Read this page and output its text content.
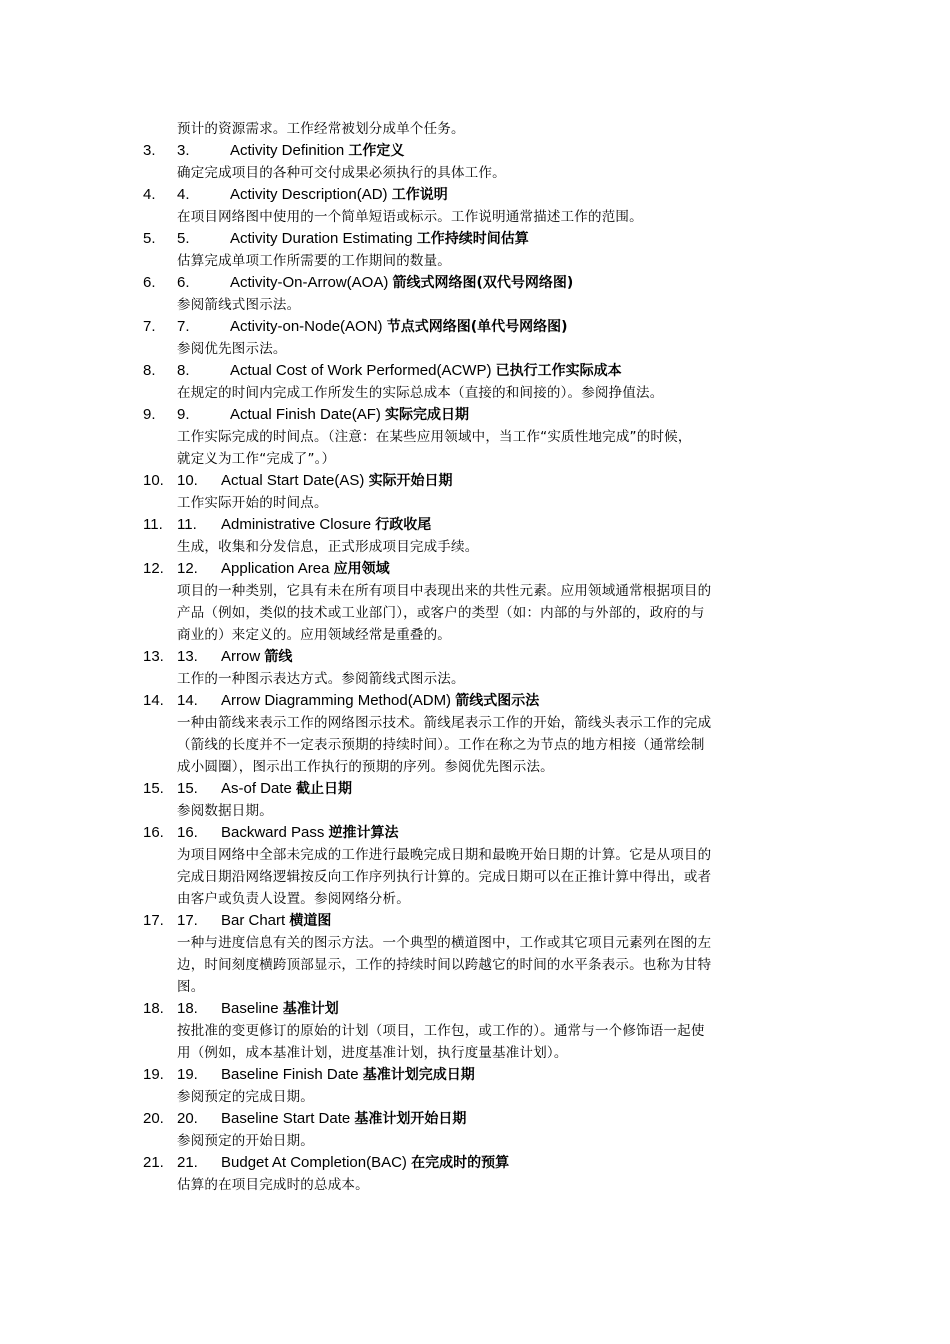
预计的资源需求。工作经常被划分成单个任务。
3. 3.	Activity Definition 工作定义
确定完成项目的各种可交付成果必须执行的具体工作。
4. 4.	Activity Description(AD) 工作说明
在项目网络图中使用的一个简单短语或标示。工作说明通常描述工作的范围。
5. 5.	Activity Duration Estimating 工作持续时间估算
估算完成单项工作所需要的工作期间的数量。
6. 6.	Activity-On-Arrow(AOA) 箭线式网络图(双代号网络图)
参阅箭线式图示法。
7. 7.	Activity-on-Node(AON) 节点式网络图(单代号网络图)
参阅优先图示法。
8. 8.	Actual Cost of Work Performed(ACWP) 已执行工作实际成本
在规定的时间内完成工作所发生的实际总成本（直接的和间接的）。参阅挣值法。
9. 9.	Actual Finish Date(AF) 实际完成日期
工作实际完成的时间点。（注意：在某些应用领域中，当工作“实质性地完成”的时候，
就定义为工作“完成了”。）
10. 10. Actual Start Date(AS) 实际开始日期
工作实际开始的时间点。
11. 11. Administrative Closure 行政收尾
生成，收集和分发信息，正式形成项目完成手续。
12. 12. Application Area 应用领域
项目的一种类别，它具有未在所有项目中表现出来的共性元素。应用领域通常根据项目的
产品（例如，类似的技术或工业部门），或客户的类型（如：内部的与外部的，政府的与
商业的）来定义的。应用领域经常是重叠的。
13. 13. Arrow 箭线
工作的一种图示表达方式。参阅箭线式图示法。
14. 14. Arrow Diagramming Method(ADM) 箭线式图示法
一种由箭线来表示工作的网络图示技术。箭线尾表示工作的开始，箭线头表示工作的完成
（箭线的长度并不一定表示预期的持续时间）。工作在称之为节点的地方相接（通常绘制
成小圆圈），图示出工作执行的预期的序列。参阅优先图示法。
15. 15. As-of Date 截止日期
参阅数据日期。
16. 16. Backward Pass 逆推计算法
为项目网络中全部未完成的工作进行最晚完成日期和最晚开始日期的计算。它是从项目的
完成日期沿网络逻辑按反向工作序列执行计算的。完成日期可以在正推计算中得出，或者
由客户或负责人设置。参阅网络分析。
17. 17. Bar Chart 横道图
一种与进度信息有关的图示方法。一个典型的横道图中，工作或其它项目元素列在图的左
边，时间刻度横跨顶部显示，工作的持续时间以跨越它的时间的水平条表示。也称为甘特
图。
18. 18. Baseline 基准计划
按批准的变更修订的原始的计划（项目，工作包，或工作的）。通常与一个修饰语一起使
用（例如，成本基准计划，进度基准计划，执行度量基准计划）。
19. 19. Baseline Finish Date 基准计划完成日期
参阅预定的完成日期。
20. 20. Baseline Start Date 基准计划开始日期
参阅预定的开始日期。
21. 21. Budget At Completion(BAC) 在完成时的预算
估算的在项目完成时的总成本。
